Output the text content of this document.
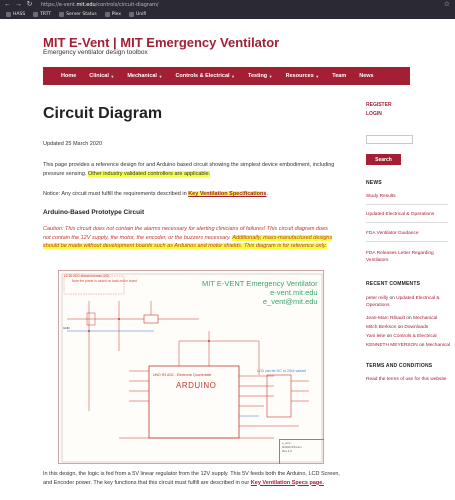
← → ↻ https://e-vent.mit.edu/controls/circuit-diagram/	☆
HASS	TRTT	Server Status	Plex	Unifi
MIT E-Vent | MIT Emergency Ventilator
Emergency ventilator design toolbox
Home Clinical ▼ Mechanical ▼ Controls & Electrical ▼ Testing ▼ Resources ▼ Team News
Circuit Diagram
Updated 25 March 2020
This page provides a reference design for and Arduino based circuit showing the simplest device embodiment, including pressure sensing. Other industry validated controllers are applicable.
Notice: Any circuit must fulfill the requirements described in Key Ventilation Specifications.
Arduino-Based Prototype Circuit
Caution: This circuit does not contain the alarms necessary for alerting clinicians of failures! This circuit diagram does not contain the 12V supply, the motor, the encoder, or the buzzers necessary. Additionally, mass-manufactured designs should be made without development boards such as Arduinos and motor shields. This diagram is for reference only.
12-30 VDC allowed across U(S)
Note the power is routed on back motor board
GND
MIT E-VENT Emergency Ventilator
e-vent.mit.edu
e_vent@mit.edu
UNO R3 AS2 - Electronic Quorientate
ARDUINO
LCD can be I2C or 20x4 variant
e_vent
9/2020 9:54 am
Rev 1.0
In this design, the logic is fed from a 5V linear regulator from the 12V supply. This 5V feeds both the Arduino, LCD Screen, and Encoder power. The key functions that this circuit must fulfill are described in our Key Ventilation Specs page.
REGISTER
LOGIN
Search
NEWS
Study Results
Updated Electrical & Operations
FDA Ventilator Guidance
FDA Releases Letter Regarding Ventilators
RECENT COMMENTS
peter reilly on Updated Electrical & Operations
Jean-Marc Ribault on Mechanical
Mitch Berkson on Downloads
Yani leite on Controls & Electrical
KENNETH MEYERSON on Mechanical
TERMS AND CONDITIONS
Read the terms of use for this website
